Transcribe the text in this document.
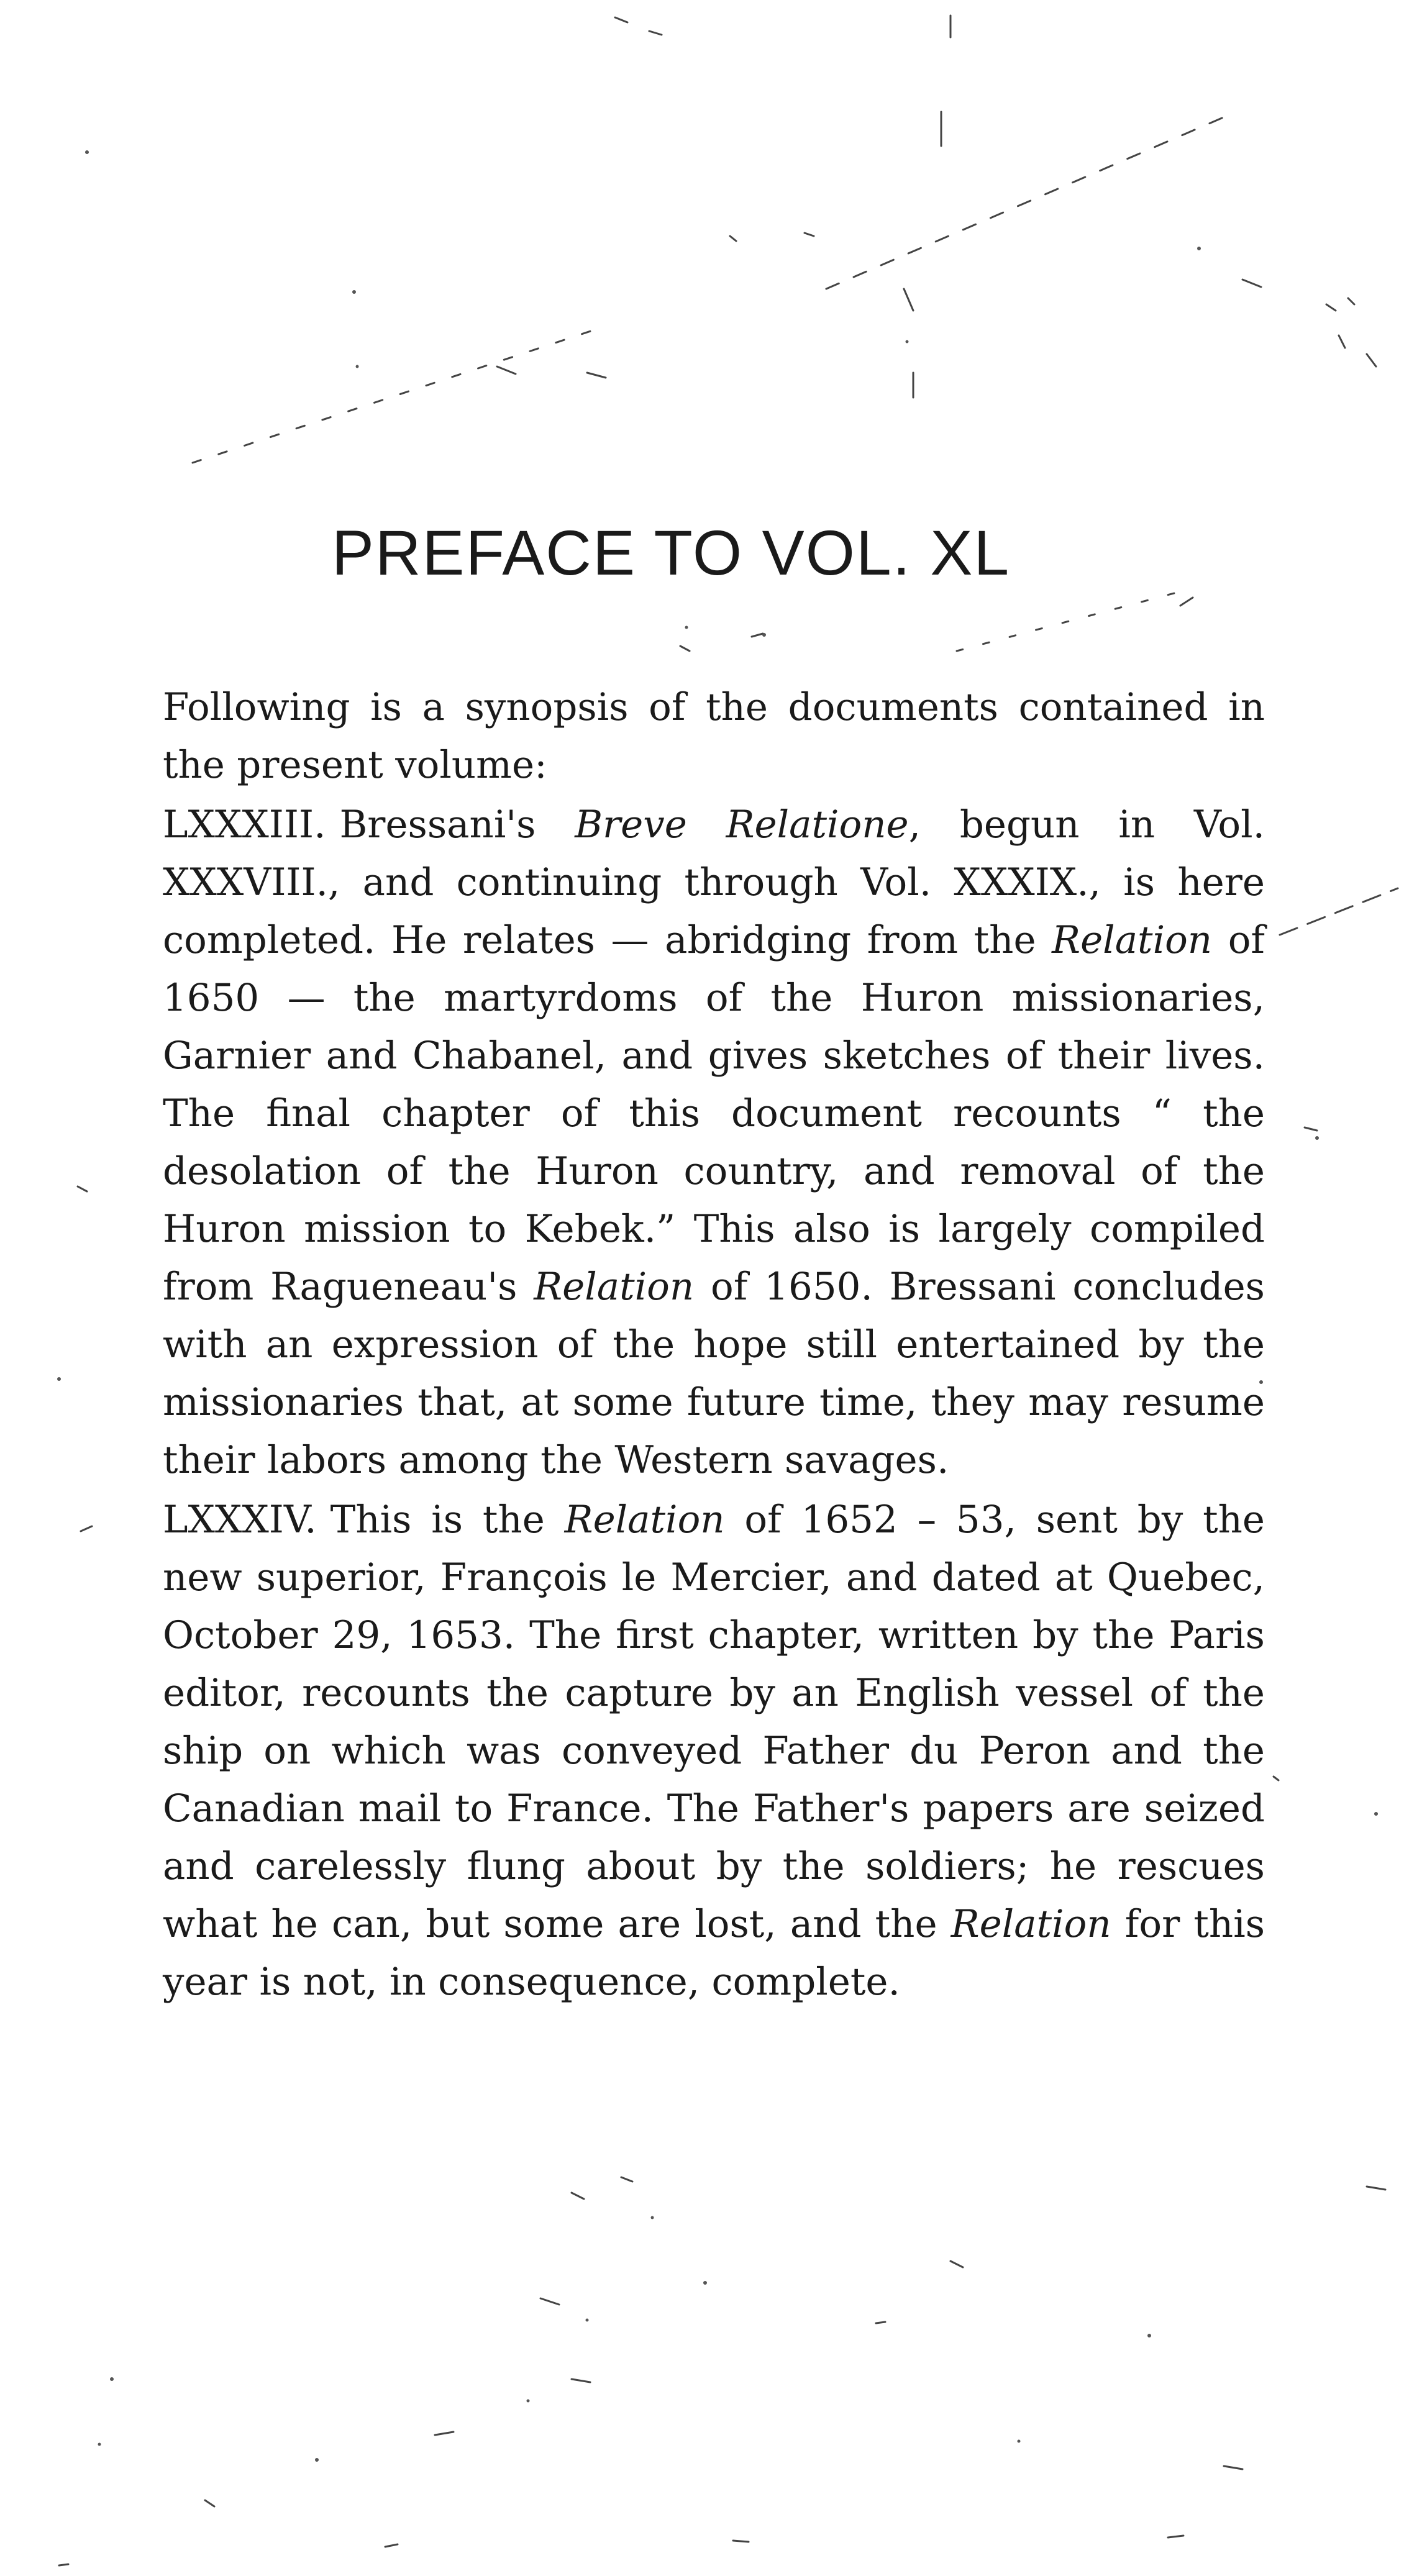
PREFACE TO VOL. XL

Following is a synopsis of the documents contained in the present volume:

LXXXIII. Bressani's Breve Relatione, begun in Vol. XXXVIII., and continuing through Vol. XXXIX., is here completed. He relates — abridging from the Relation of 1650 — the martyrdoms of the Huron missionaries, Garnier and Chabanel, and gives sketches of their lives. The final chapter of this document recounts “ the desolation of the Huron country, and removal of the Huron mission to Kebek.” This also is largely compiled from Ragueneau's Relation of 1650. Bressani concludes with an expression of the hope still entertained by the missionaries that, at some future time, they may resume their labors among the Western savages.

LXXXIV. This is the Relation of 1652 – 53, sent by the new superior, François le Mercier, and dated at Quebec, October 29, 1653. The first chapter, written by the Paris editor, recounts the capture by an English vessel of the ship on which was conveyed Father du Peron and the Canadian mail to France. The Father's papers are seized and carelessly flung about by the soldiers; he rescues what he can, but some are lost, and the Relation for this year is not, in consequence, complete.
